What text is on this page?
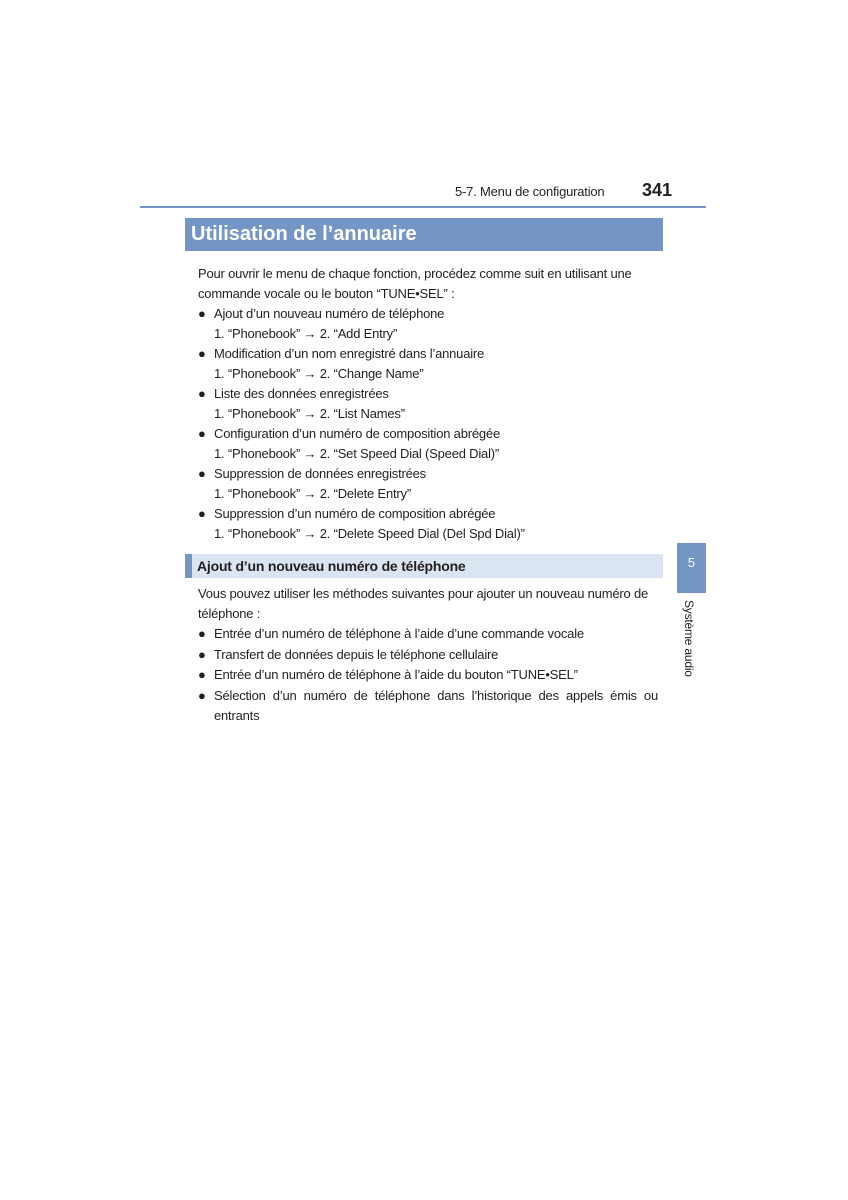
5-7. Menu de configuration 341
Utilisation de l’annuaire
Pour ouvrir le menu de chaque fonction, procédez comme suit en utilisant une
commande vocale ou le bouton “TUNE•SEL” :
● Ajout d’un nouveau numéro de téléphone
1. “Phonebook” → 2. “Add Entry”
● Modification d’un nom enregistré dans l’annuaire
1. “Phonebook” → 2. “Change Name”
● Liste des données enregistrées
1. “Phonebook” → 2. “List Names”
● Configuration d’un numéro de composition abrégée
1. “Phonebook” → 2. “Set Speed Dial (Speed Dial)”
● Suppression de données enregistrées
1. “Phonebook” → 2. “Delete Entry”
● Suppression d’un numéro de composition abrégée
1. “Phonebook” → 2. “Delete Speed Dial (Del Spd Dial)”
Ajout d’un nouveau numéro de téléphone
Vous pouvez utiliser les méthodes suivantes pour ajouter un nouveau numéro de
téléphone :
● Entrée d’un numéro de téléphone à l’aide d’une commande vocale
● Transfert de données depuis le téléphone cellulaire
● Entrée d’un numéro de téléphone à l’aide du bouton “TUNE•SEL”
● Sélection d’un numéro de téléphone dans l’historique des appels émis ou
entrants
5
Système audio
